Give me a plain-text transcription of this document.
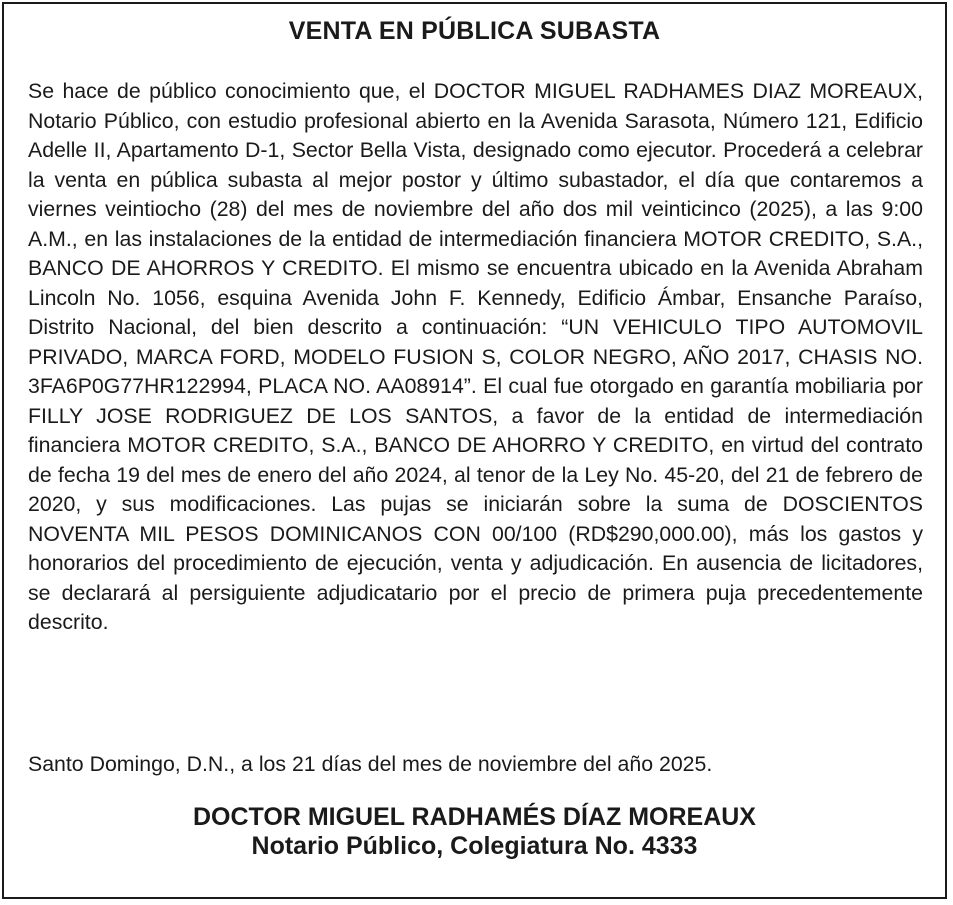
VENTA EN PÚBLICA SUBASTA

Se hace de público conocimiento que, el DOCTOR MIGUEL RADHAMES DIAZ MOREAUX, Notario Público, con estudio profesional abierto en la Avenida Sarasota, Número 121, Edificio Adelle II, Apartamento D-1, Sector Bella Vista, designado como ejecutor. Procederá a celebrar la venta en pública subasta al mejor postor y último subastador, el día que contaremos a viernes veintiocho (28) del mes de noviembre del año dos mil veinticinco (2025), a las 9:00 A.M., en las instalaciones de la entidad de intermediación financiera MOTOR CREDITO, S.A., BANCO DE AHORROS Y CREDITO. El mismo se encuentra ubicado en la Avenida Abraham Lincoln No. 1056, esquina Avenida John F. Kennedy, Edificio Ámbar, Ensanche Paraíso, Distrito Nacional, del bien descrito a continuación: “UN VEHICULO TIPO AUTOMOVIL PRIVADO, MARCA FORD, MODELO FUSION S, COLOR NEGRO, AÑO 2017, CHASIS NO. 3FA6P0G77HR122994, PLACA NO. AA08914”. El cual fue otorgado en garantía mobiliaria por FILLY JOSE RODRIGUEZ DE LOS SANTOS, a favor de la entidad de intermediación financiera MOTOR CREDITO, S.A., BANCO DE AHORRO Y CREDITO, en virtud del contrato de fecha 19 del mes de enero del año 2024, al tenor de la Ley No. 45-20, del 21 de febrero de 2020, y sus modificaciones. Las pujas se iniciarán sobre la suma de DOSCIENTOS NOVENTA MIL PESOS DOMINICANOS CON 00/100 (RD$290,000.00), más los gastos y honorarios del procedimiento de ejecución, venta y adjudicación. En ausencia de licitadores, se declarará al persiguiente adjudicatario por el precio de primera puja precedentemente descrito.

Santo Domingo, D.N., a los 21 días del mes de noviembre del año 2025.

DOCTOR MIGUEL RADHAMÉS DÍAZ MOREAUX
Notario Público, Colegiatura No. 4333
